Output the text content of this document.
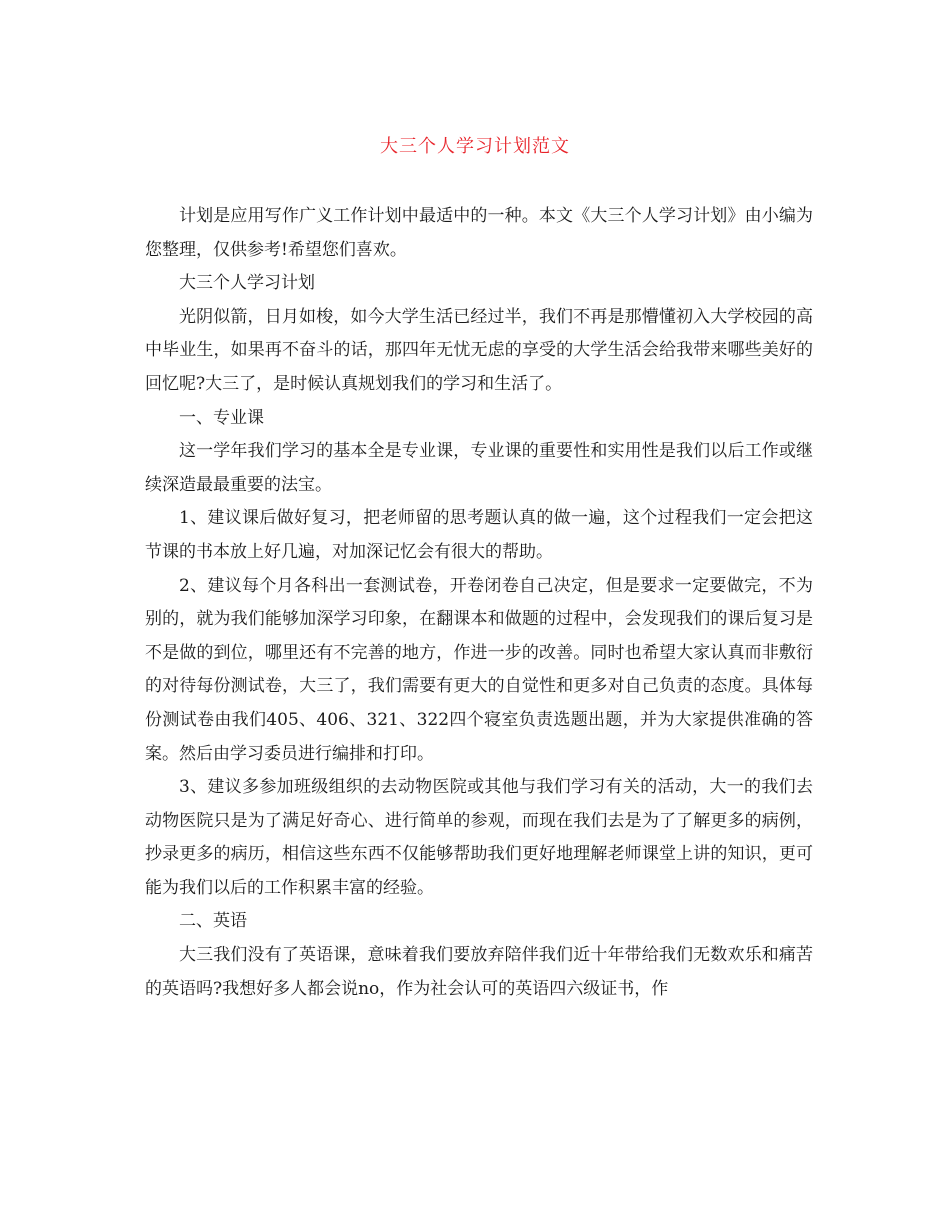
大三个人学习计划范文

计划是应用写作广义工作计划中最适中的一种。本文《大三个人学习计划》由小编为您整理，仅供参考!希望您们喜欢。

大三个人学习计划

光阴似箭，日月如梭，如今大学生活已经过半，我们不再是那懵懂初入大学校园的高中毕业生，如果再不奋斗的话，那四年无忧无虑的享受的大学生活会给我带来哪些美好的回忆呢?大三了，是时候认真规划我们的学习和生活了。

一、专业课

这一学年我们学习的基本全是专业课，专业课的重要性和实用性是我们以后工作或继续深造最最重要的法宝。

1、建议课后做好复习，把老师留的思考题认真的做一遍，这个过程我们一定会把这节课的书本放上好几遍，对加深记忆会有很大的帮助。

2、建议每个月各科出一套测试卷，开卷闭卷自己决定，但是要求一定要做完，不为别的，就为我们能够加深学习印象，在翻课本和做题的过程中，会发现我们的课后复习是不是做的到位，哪里还有不完善的地方，作进一步的改善。同时也希望大家认真而非敷衍的对待每份测试卷，大三了，我们需要有更大的自觉性和更多对自己负责的态度。具体每份测试卷由我们405、406、321、322四个寝室负责选题出题，并为大家提供准确的答案。然后由学习委员进行编排和打印。

3、建议多参加班级组织的去动物医院或其他与我们学习有关的活动，大一的我们去动物医院只是为了满足好奇心、进行简单的参观，而现在我们去是为了了解更多的病例，抄录更多的病历，相信这些东西不仅能够帮助我们更好地理解老师课堂上讲的知识，更可能为我们以后的工作积累丰富的经验。

二、英语

大三我们没有了英语课，意味着我们要放弃陪伴我们近十年带给我们无数欢乐和痛苦的英语吗?我想好多人都会说no，作为社会认可的英语四六级证书，作
